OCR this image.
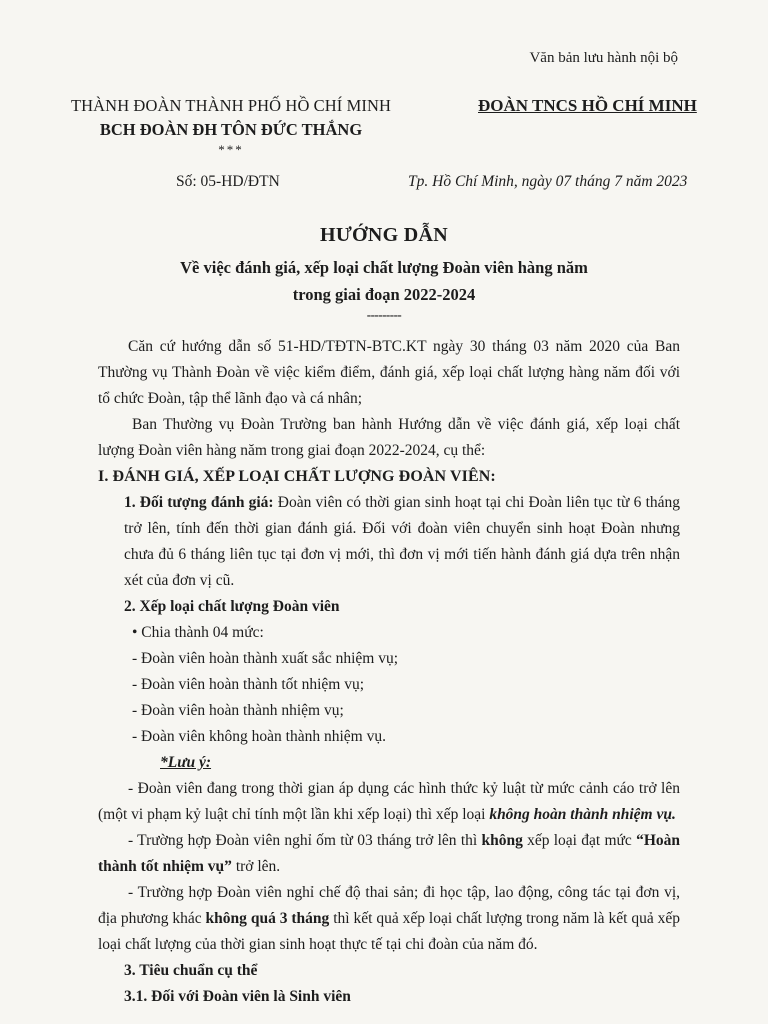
Văn bản lưu hành nội bộ
THÀNH ĐOÀN THÀNH PHỐ HỒ CHÍ MINH
BCH ĐOÀN ĐH TÔN ĐỨC THẮNG
***
ĐOÀN TNCS HỒ CHÍ MINH
Số: 05-HD/ĐTN	Tp. Hồ Chí Minh, ngày 07 tháng 7 năm 2023
HƯỚNG DẪN
Về việc đánh giá, xếp loại chất lượng Đoàn viên hàng năm
trong giai đoạn 2022-2024
---------

Căn cứ hướng dẫn số 51-HD/TĐTN-BTC.KT ngày 30 tháng 03 năm 2020 của Ban Thường vụ Thành Đoàn về việc kiểm điểm, đánh giá, xếp loại chất lượng hàng năm đối với tổ chức Đoàn, tập thể lãnh đạo và cá nhân;

Ban Thường vụ Đoàn Trường ban hành Hướng dẫn về việc đánh giá, xếp loại chất lượng Đoàn viên hàng năm trong giai đoạn 2022-2024, cụ thể:

I. ĐÁNH GIÁ, XẾP LOẠI CHẤT LƯỢNG ĐOÀN VIÊN:

1. Đối tượng đánh giá: Đoàn viên có thời gian sinh hoạt tại chi Đoàn liên tục từ 6 tháng trở lên, tính đến thời gian đánh giá. Đối với đoàn viên chuyển sinh hoạt Đoàn nhưng chưa đủ 6 tháng liên tục tại đơn vị mới, thì đơn vị mới tiến hành đánh giá dựa trên nhận xét của đơn vị cũ.

2. Xếp loại chất lượng Đoàn viên

• Chia thành 04 mức:

- Đoàn viên hoàn thành xuất sắc nhiệm vụ;

- Đoàn viên hoàn thành tốt nhiệm vụ;

- Đoàn viên hoàn thành nhiệm vụ;

- Đoàn viên không hoàn thành nhiệm vụ.

*Lưu ý:

- Đoàn viên đang trong thời gian áp dụng các hình thức kỷ luật từ mức cảnh cáo trở lên (một vi phạm kỷ luật chỉ tính một lần khi xếp loại) thì xếp loại không hoàn thành nhiệm vụ.

- Trường hợp Đoàn viên nghỉ ốm từ 03 tháng trở lên thì không xếp loại đạt mức “Hoàn thành tốt nhiệm vụ” trở lên.

- Trường hợp Đoàn viên nghỉ chế độ thai sản; đi học tập, lao động, công tác tại đơn vị, địa phương khác không quá 3 tháng thì kết quả xếp loại chất lượng trong năm là kết quả xếp loại chất lượng của thời gian sinh hoạt thực tế tại chi đoàn của năm đó.

3. Tiêu chuẩn cụ thể

3.1. Đối với Đoàn viên là Sinh viên
